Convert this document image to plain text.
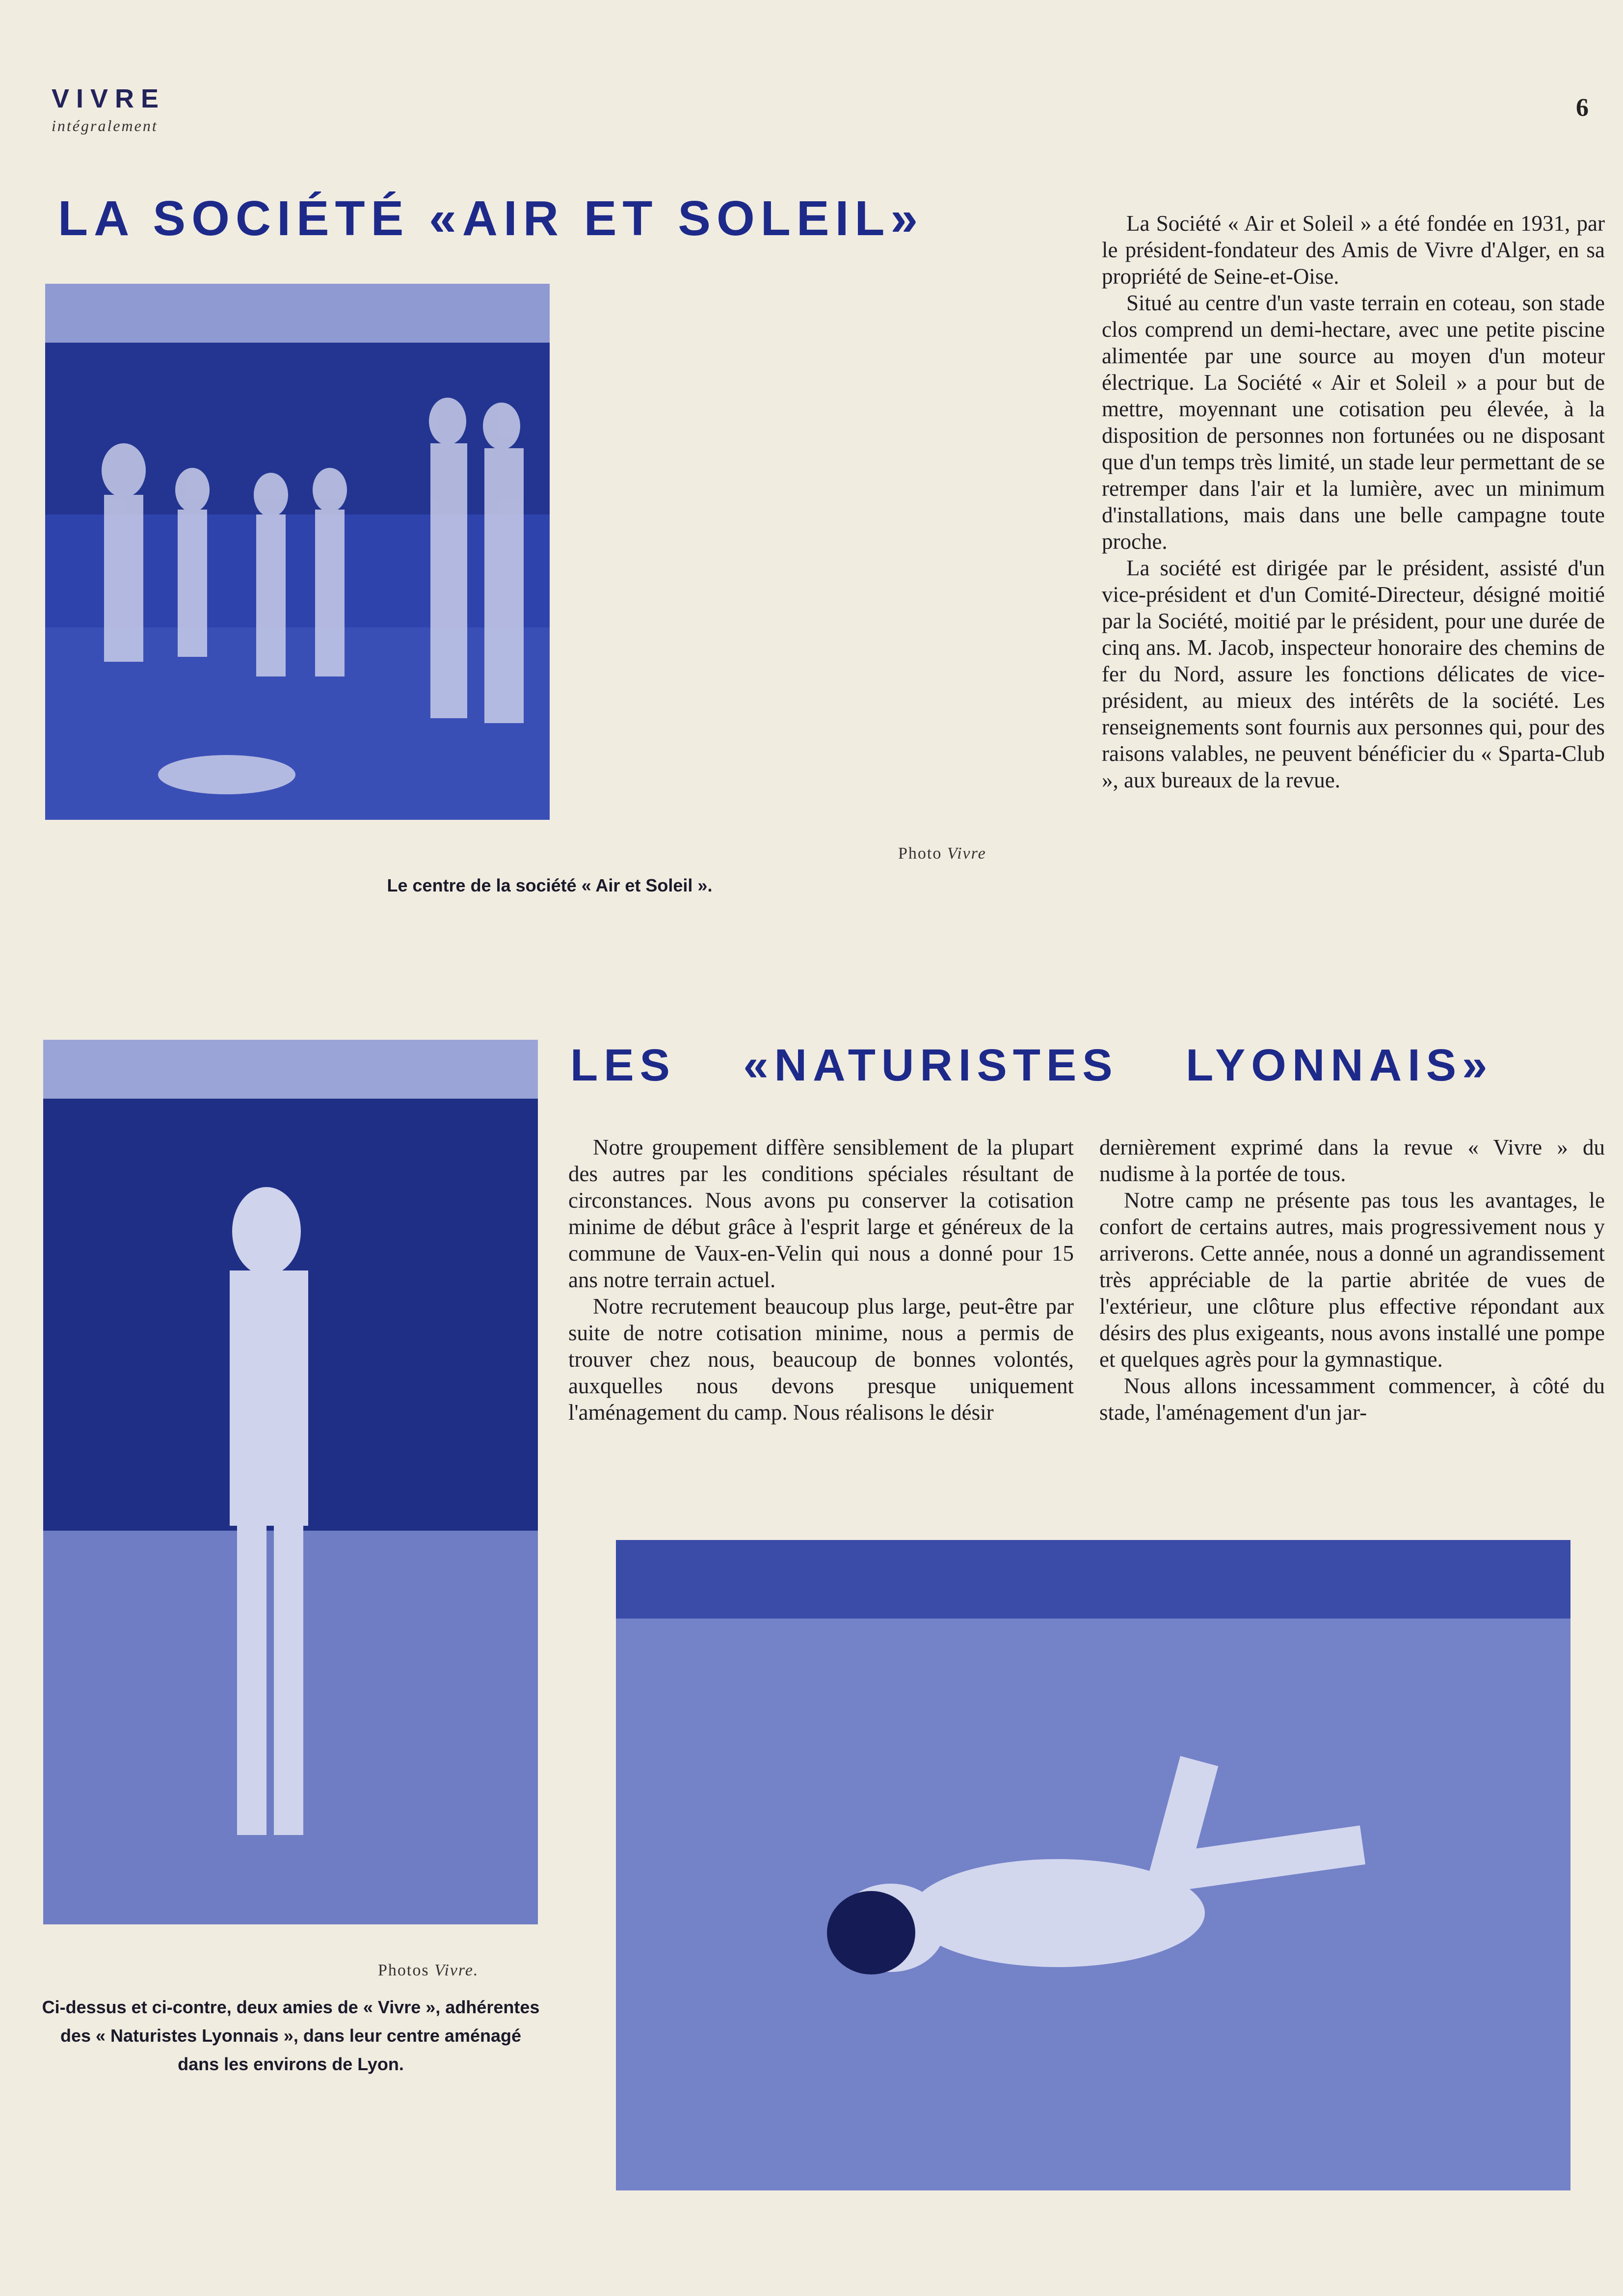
VIVRE
intégralement
6
LA SOCIÉTÉ «AIR ET SOLEIL»	La Société « Air et Soleil » a été fondée en 1931, par le président-fondateur des Amis de Vivre d'Alger, en sa propriété de Seine-et-Oise.

Situé au centre d'un vaste terrain en coteau, son stade clos comprend un demi-hectare, avec une petite piscine alimentée par une source au moyen d'un moteur électrique. La Société « Air et Soleil » a pour but de mettre, moyennant une cotisation peu élevée, à la disposition de personnes non fortunées ou ne disposant que d'un temps très limité, un stade leur permettant de se retremper dans l'air et la lumière, avec un minimum d'installations, mais dans une belle campagne toute proche.

La société est dirigée par le président, assisté d'un vice-président et d'un Comité-Directeur, désigné moitié par la Société, moitié par le président, pour une durée de cinq ans. M. Jacob, inspecteur honoraire des chemins de fer du Nord, assure les fonctions délicates de vice-président, au mieux des intérêts de la société. Les renseignements sont fournis aux personnes qui, pour des raisons valables, ne peuvent bénéficier du « Sparta-Club », aux bureaux de la revue.

Photo Vivre
Le centre de la société « Air et Soleil ».
LES «NATURISTES LYONNAIS»

Notre groupement diffère sensiblement de la plupart des autres par les conditions spéciales résultant de circonstances. Nous avons pu conserver la cotisation minime de début grâce à l'esprit large et généreux de la commune de Vaux-en-Velin qui nous a donné pour 15 ans notre terrain actuel.

Notre recrutement beaucoup plus large, peut-être par suite de notre cotisation minime, nous a permis de trouver chez nous, beaucoup de bonnes volontés, auxquelles nous devons presque uniquement l'aménagement du camp. Nous réalisons le désir

dernièrement exprimé dans la revue « Vivre » du nudisme à la portée de tous.

Notre camp ne présente pas tous les avantages, le confort de certains autres, mais progressivement nous y arriverons. Cette année, nous a donné un agrandissement très appréciable de la partie abritée de vues de l'extérieur, une clôture plus effective répondant aux désirs des plus exigeants, nous avons installé une pompe et quelques agrès pour la gymnastique.

Nous allons incessamment commencer, à côté du stade, l'aménagement d'un jar-

Photos Vivre.
Ci-dessus et ci-contre, deux amies de « Vivre », adhérentes des « Naturistes Lyonnais », dans leur centre aménagé dans les environs de Lyon.
